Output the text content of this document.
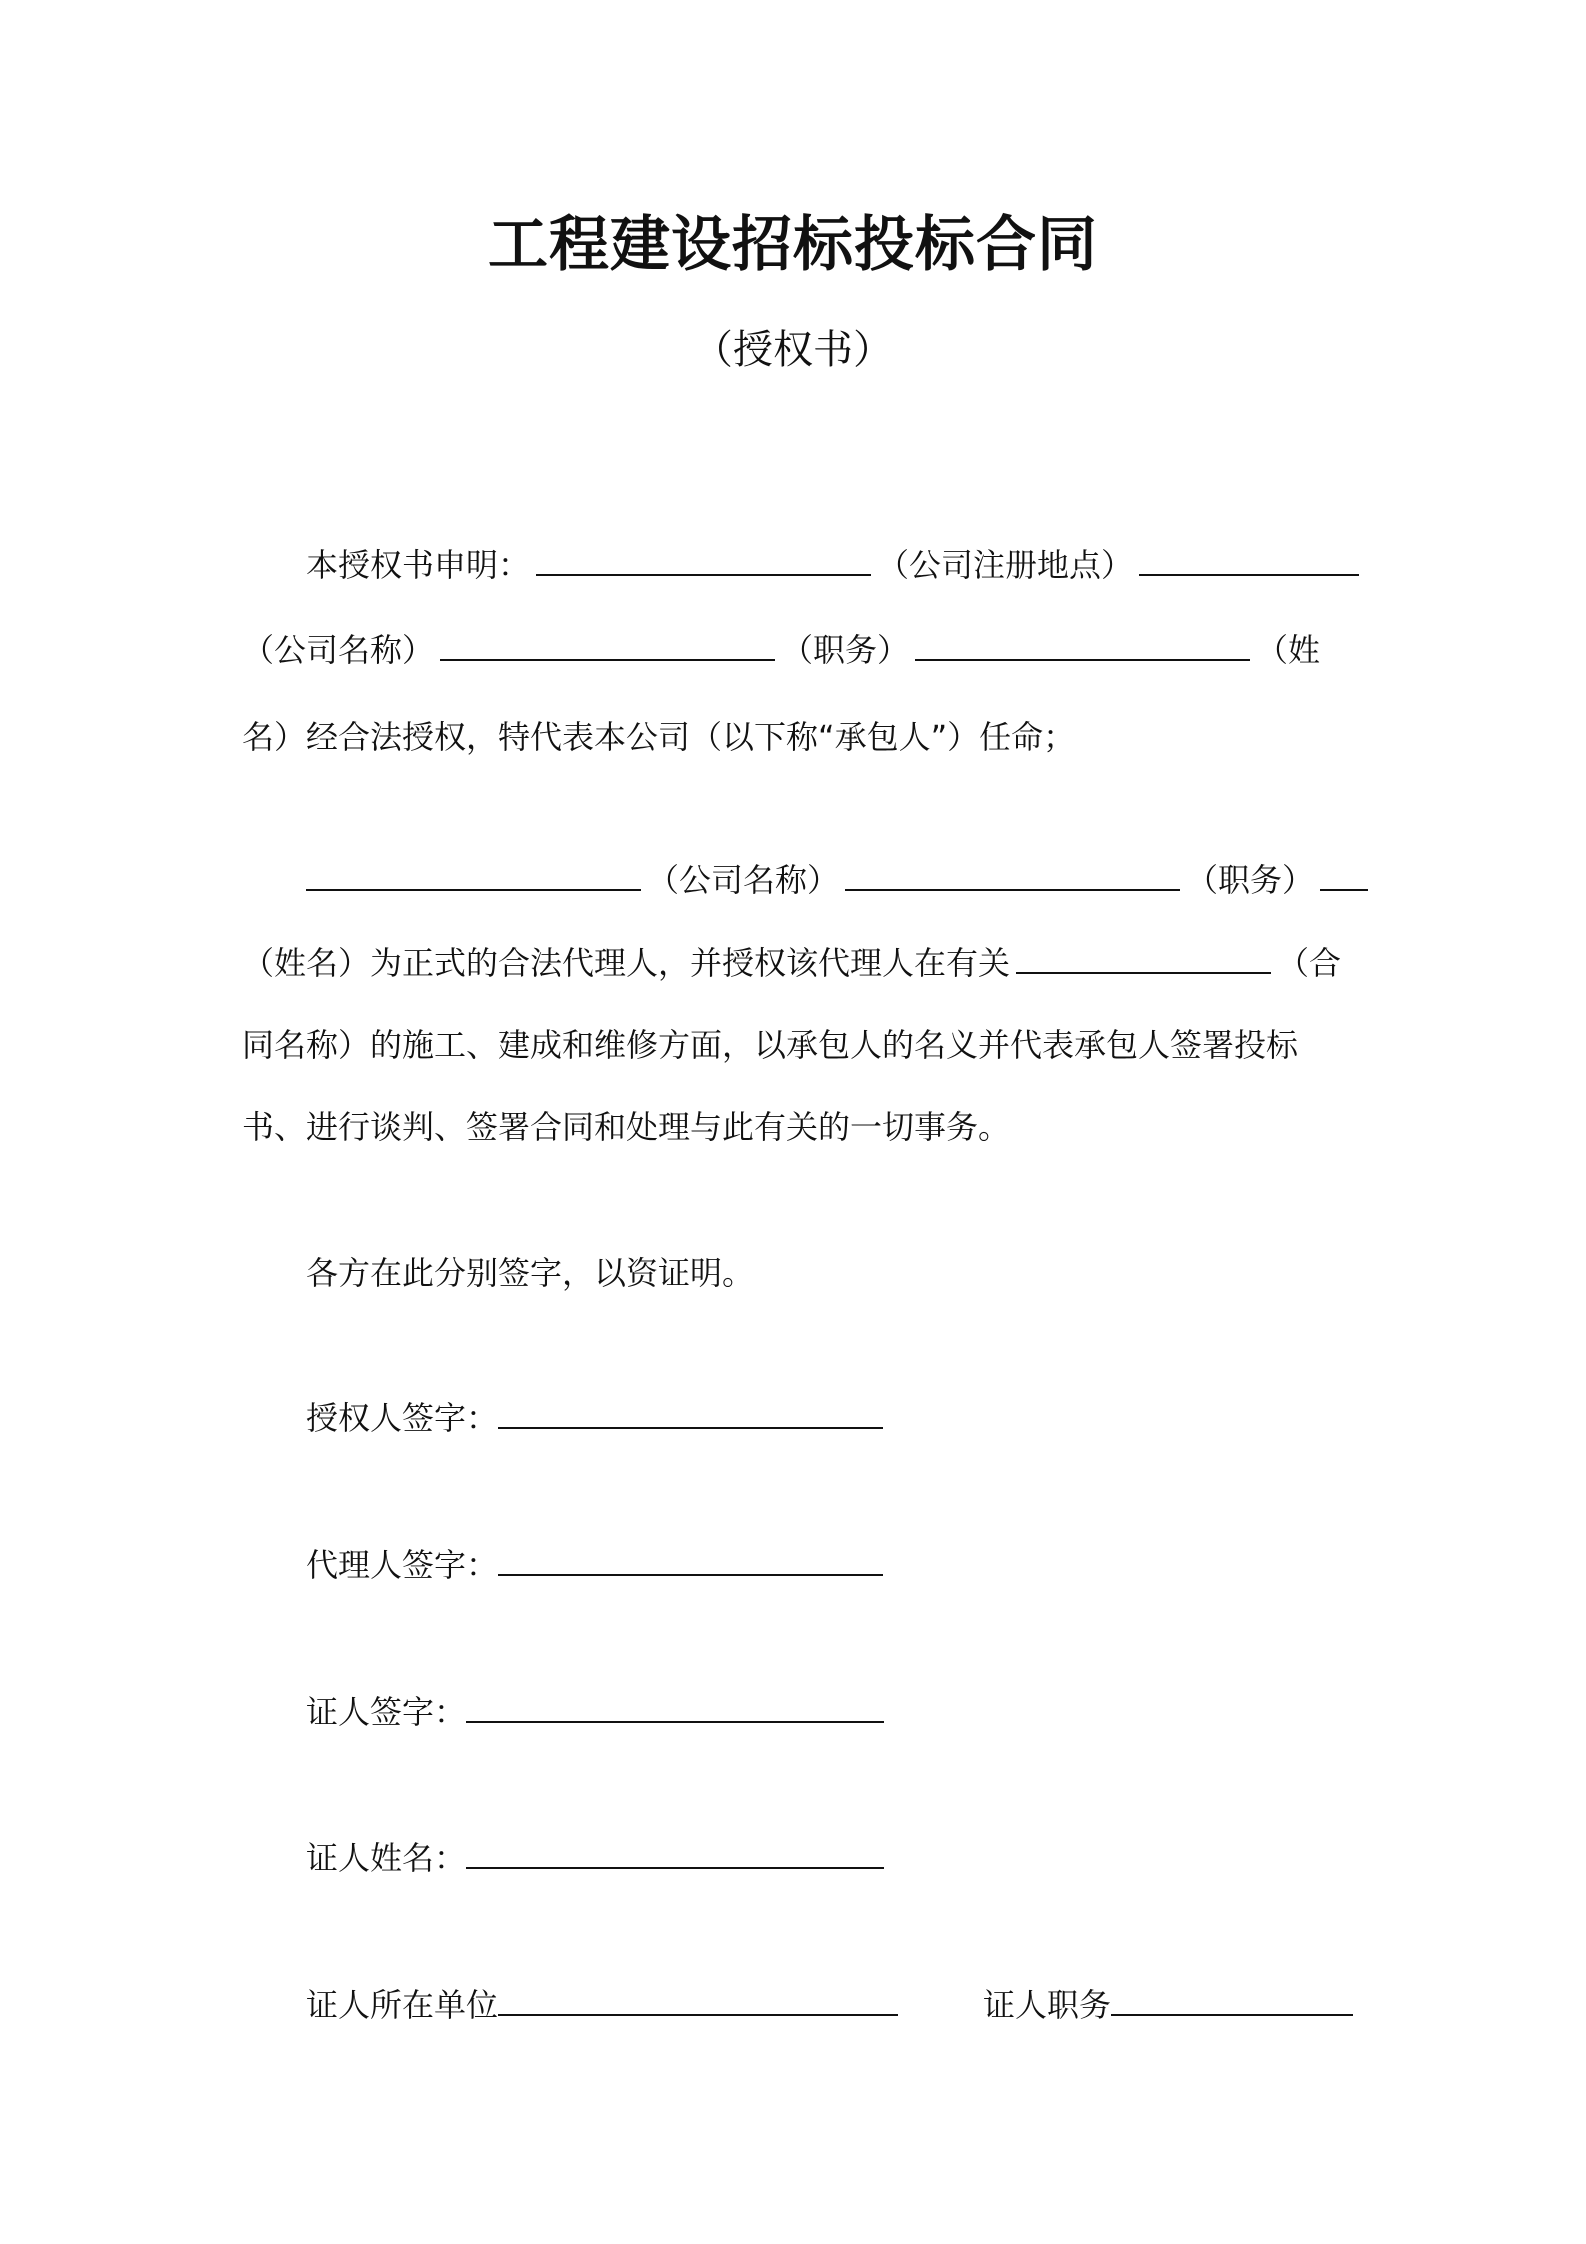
工程建设招标投标合同
（授权书）
本授权书申明：	（公司注册地点）
（公司名称）	（职务）	（姓
名）经合法授权，特代表本公司（以下称“承包人”）任命；
（公司名称）	（职务）
（姓名）为正式的合法代理人，并授权该代理人在有关	（合
同名称）的施工、建成和维修方面，以承包人的名义并代表承包人签署投标
书、进行谈判、签署合同和处理与此有关的一切事务。
各方在此分别签字，以资证明。
授权人签字：
代理人签字：
证人签字：
证人姓名：
证人所在单位	证人职务
